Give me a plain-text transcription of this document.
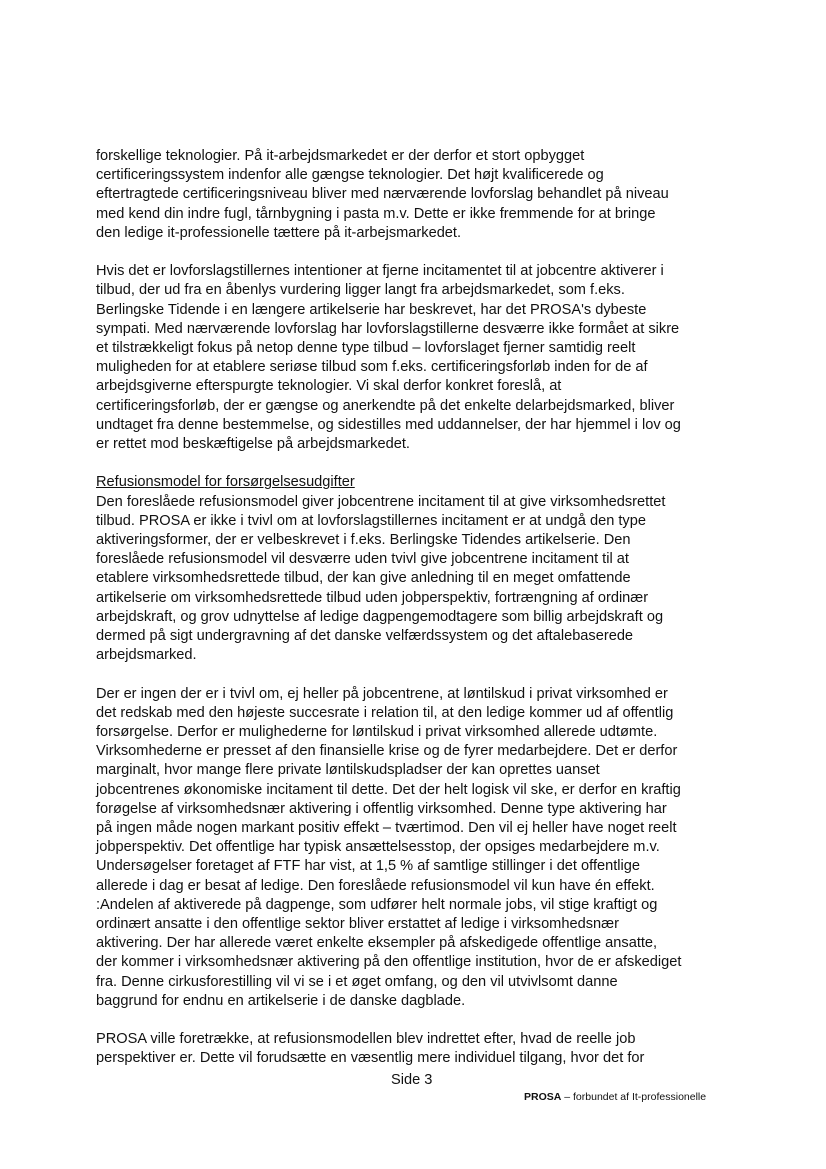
forskellige teknologier. På it-arbejdsmarkedet er der derfor et stort opbygget
certificeringssystem indenfor alle gængse teknologier. Det højt kvalificerede og
eftertragtede certificeringsniveau bliver med nærværende lovforslag behandlet på niveau
med kend din indre fugl, tårnbygning i pasta m.v. Dette er ikke fremmende for at bringe
den ledige it-professionelle tættere på it-arbejsmarkedet.
Hvis det er lovforslagstillernes intentioner at fjerne incitamentet til at jobcentre aktiverer i
tilbud, der ud fra en åbenlys vurdering ligger langt fra arbejdsmarkedet, som f.eks.
Berlingske Tidende i en længere artikelserie har beskrevet, har det PROSA's dybeste
sympati. Med nærværende lovforslag har lovforslagstillerne desværre ikke formået at sikre
et tilstrækkeligt fokus på netop denne type tilbud – lovforslaget fjerner samtidig reelt
muligheden for at etablere seriøse tilbud som f.eks. certificeringsforløb inden for de af
arbejdsgiverne efterspurgte teknologier. Vi skal derfor konkret foreslå, at
certificeringsforløb, der er gængse og anerkendte på det enkelte delarbejdsmarked, bliver
undtaget fra denne bestemmelse, og sidestilles med uddannelser, der har hjemmel i lov og
er rettet mod beskæftigelse på arbejdsmarkedet.
Refusionsmodel for forsørgelsesudgifter
Den foreslåede refusionsmodel giver jobcentrene incitament til at give virksomhedsrettet
tilbud. PROSA er ikke i tvivl om at lovforslagstillernes incitament er at undgå den type
aktiveringsformer, der er velbeskrevet i f.eks. Berlingske Tidendes artikelserie. Den
foreslåede refusionsmodel vil desværre uden tvivl give jobcentrene incitament til at
etablere virksomhedsrettede tilbud, der kan give anledning til en meget omfattende
artikelserie om virksomhedsrettede tilbud uden jobperspektiv, fortrængning af ordinær
arbejdskraft, og grov udnyttelse af ledige dagpengemodtagere som billig arbejdskraft og
dermed på sigt undergravning af det danske velfærdssystem og det aftalebaserede
arbejdsmarked.
Der er ingen der er i tvivl om, ej heller på jobcentrene, at løntilskud i privat virksomhed er
det redskab med den højeste succesrate i relation til, at den ledige kommer ud af offentlig
forsørgelse. Derfor er mulighederne for løntilskud i privat virksomhed allerede udtømte.
Virksomhederne er presset af den finansielle krise og de fyrer medarbejdere. Det er derfor
marginalt, hvor mange flere private løntilskudspladser der kan oprettes uanset
jobcentrenes økonomiske incitament til dette. Det der helt logisk vil ske, er derfor en kraftig
forøgelse af virksomhedsnær aktivering i offentlig virksomhed. Denne type aktivering har
på ingen måde nogen markant positiv effekt – tværtimod. Den vil ej heller have noget reelt
jobperspektiv. Det offentlige har typisk ansættelsesstop, der opsiges medarbejdere m.v.
Undersøgelser foretaget af FTF har vist, at 1,5 % af samtlige stillinger i det offentlige
allerede i dag er besat af ledige. Den foreslåede refusionsmodel vil kun have én effekt.
:Andelen af aktiverede på dagpenge, som udfører helt normale jobs, vil stige kraftigt og
ordinært ansatte i den offentlige sektor bliver erstattet af ledige i virksomhedsnær
aktivering. Der har allerede været enkelte eksempler på afskedigede offentlige ansatte,
der kommer i virksomhedsnær aktivering på den offentlige institution, hvor de er afskediget
fra. Denne cirkusforestilling vil vi se i et øget omfang, og den vil utvivlsomt danne
baggrund for endnu en artikelserie i de danske dagblade.
PROSA ville foretrække, at refusionsmodellen blev indrettet efter, hvad de reelle job
perspektiver er. Dette vil forudsætte en væsentlig mere individuel tilgang, hvor det for
Side 3
PROSA – forbundet af It-professionelle
